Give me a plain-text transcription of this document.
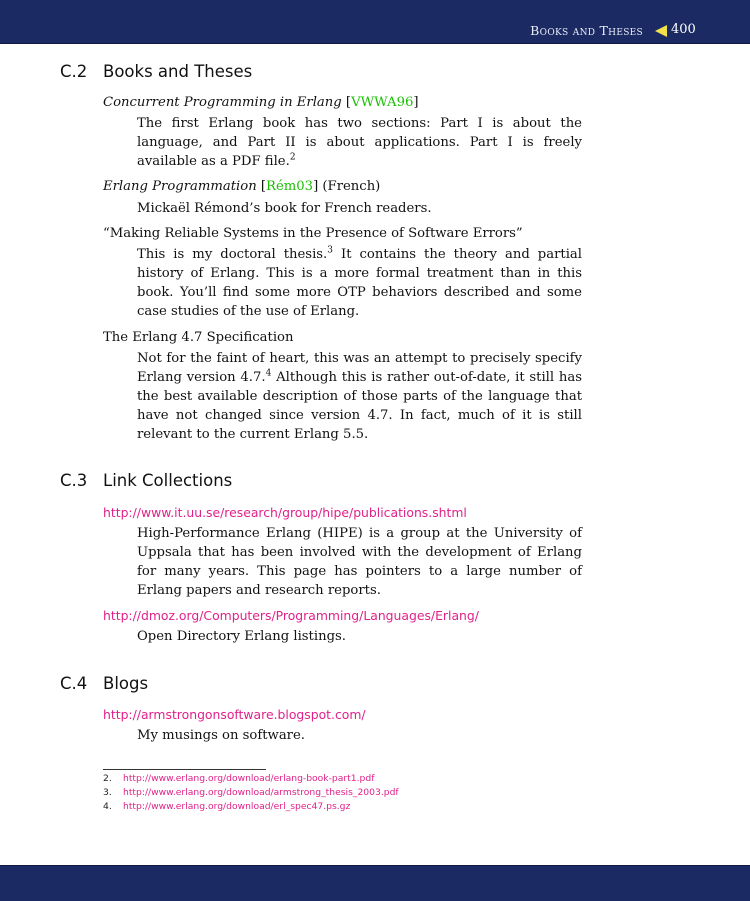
Books and Theses 400
C.2 Books and Theses
Concurrent Programming in Erlang [VWWA96]
The first Erlang book has two sections: Part I is about the language, and Part II is about applications. Part I is freely available as a PDF file.$^2$
Erlang Programmation [Rém03] (French)
Mickaël Rémond’s book for French readers.
“Making Reliable Systems in the Presence of Software Errors”
This is my doctoral thesis.$^3$ It contains the theory and partial history of Erlang. This is a more formal treatment than in this book. You’ll find some more OTP behaviors described and some case studies of the use of Erlang.
The Erlang 4.7 Specification
Not for the faint of heart, this was an attempt to precisely specify Erlang version 4.7.$^4$ Although this is rather out-of-date, it still has the best available description of those parts of the language that have not changed since version 4.7. In fact, much of it is still relevant to the current Erlang 5.5.
C.3 Link Collections
http://www.it.uu.se/research/group/hipe/publications.shtml
High-Performance Erlang (HIPE) is a group at the University of Uppsala that has been involved with the development of Erlang for many years. This page has pointers to a large number of Erlang papers and research reports.
http://dmoz.org/Computers/Programming/Languages/Erlang/
Open Directory Erlang listings.
C.4 Blogs
http://armstrongonsoftware.blogspot.com/
My musings on software.
2. http://www.erlang.org/download/erlang-book-part1.pdf
3. http://www.erlang.org/download/armstrong_thesis_2003.pdf
4. http://www.erlang.org/download/erl_spec47.ps.gz
